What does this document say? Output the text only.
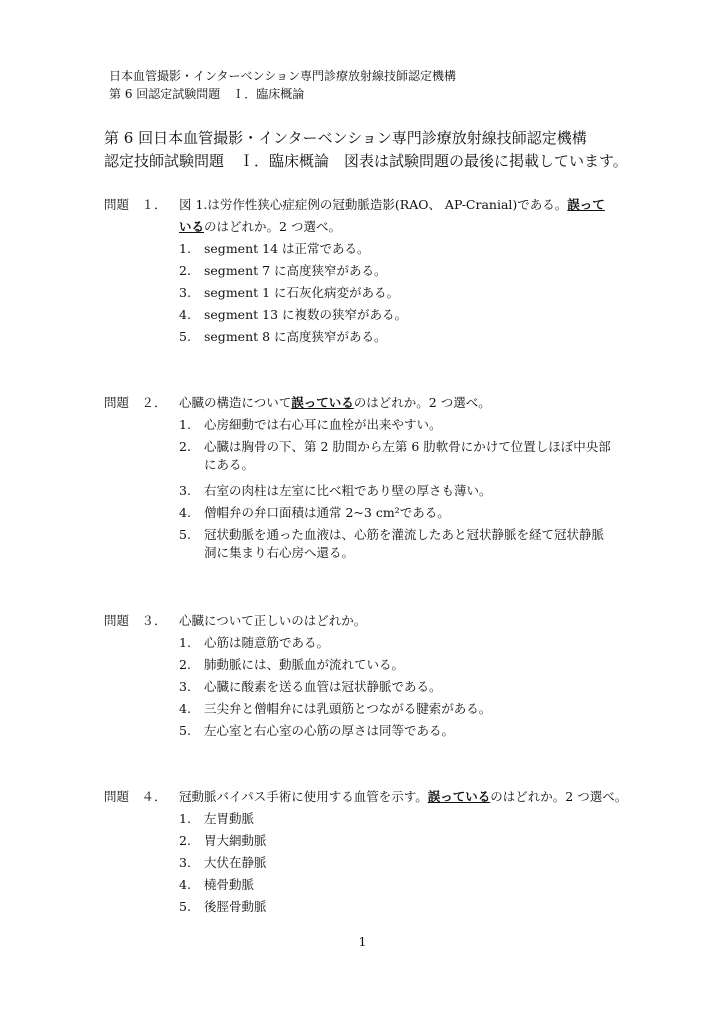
日本血管撮影・インターベンション専門診療放射線技師認定機構
第 6 回認定試験問題　Ｉ．臨床概論
第 6 回日本血管撮影・インターベンション専門診療放射線技師認定機構
認定技師試験問題　Ｉ．臨床概論　図表は試験問題の最後に掲載しています。
問題　１． 図 1.は労作性狭心症症例の冠動脈造影(RAO、 AP-Cranial)である。誤って
いるのはどれか。2 つ選べ。
1. segment 14 は正常である。
2. segment 7 に高度狭窄がある。
3. segment 1 に石灰化病変がある。
4. segment 13 に複数の狭窄がある。
5. segment 8 に高度狭窄がある。
問題　２． 心臓の構造について誤っているのはどれか。2 つ選べ。
1. 心房細動では右心耳に血栓が出来やすい。
2. 心臓は胸骨の下、第 2 肋間から左第 6 肋軟骨にかけて位置しほぼ中央部にある。
3. 右室の肉柱は左室に比べ粗であり壁の厚さも薄い。
4. 僧帽弁の弁口面積は通常 2~3 cm²である。
5. 冠状動脈を通った血液は、心筋を灌流したあと冠状静脈を経て冠状静脈洞に集まり右心房へ還る。
問題　３． 心臓について正しいのはどれか。
1. 心筋は随意筋である。
2. 肺動脈には、動脈血が流れている。
3. 心臓に酸素を送る血管は冠状静脈である。
4. 三尖弁と僧帽弁には乳頭筋とつながる腱索がある。
5. 左心室と右心室の心筋の厚さは同等である。
問題　４． 冠動脈バイパス手術に使用する血管を示す。誤っているのはどれか。2 つ選べ。
1. 左胃動脈
2. 胃大網動脈
3. 大伏在静脈
4. 橈骨動脈
5. 後脛骨動脈
1
